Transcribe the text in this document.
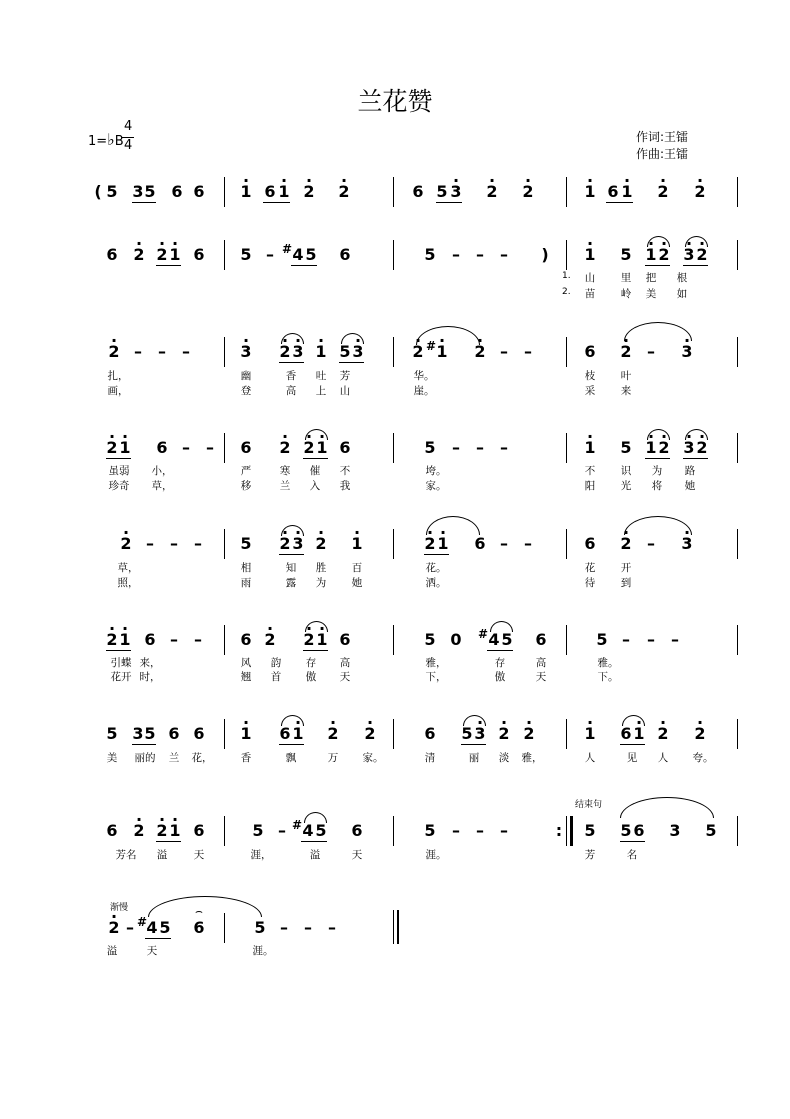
兰花赞
1=♭B
4
4
作词:王镭
作曲:王镭
( 5 3 5 6 6 · 1 6 · 1 · 2 · 2	6 5 · 3 · 2 · 2	· 1 6 · 1 · 2 · 2
6 · 2 · 2 · 1 6 5 – # 4 5 6	5 – – – ) · 1 5 · 1 · 2 · 3 · 2
1.
2.
山 里 把 根
苗 岭 美 如
· 2 – – –	· 3 · 2 · 3 · 1 5 · 3	· 2 # · 1 · 2 – –	6 · 2 – · 3
扎，	幽	香 吐 芳	华。	枝 叶
画，	登	高 上 山	崖。	采 来
· 2 · 1 6 – – 6 · 2 · 2 · 1 6	5 – – –	· 1 5 · 1 · 2 · 3 · 2
虽弱 小，	严	寒 催 不	垮。	不 识 为 路
珍奇 草，	移	兰 入 我	家。	阳 光 将 她
· 2 – – – 5 · 2 · 3 · 2 · 1	· 2 · 1 6 – –	6 · 2 – · 3
草，	相	知 胜 百	花。	花 开
照，	雨	露 为 她	洒。	待 到
· 2 · 1 6 – – 6 · 2 · 2 · 1 6	5 0 # 4 5 6	5 – – –
引蝶 来，	风 韵 存 高	雅，	存	高	雅。
花开 时，	翘 首 傲 天	下，	傲	天	下。
5 3 5 6 6 · 1 6 · 1 · 2 · 2	6 5 · 3 · 2 · 2	· 1 6 · 1 · 2 · 2
美 丽的 兰 花，	香	飘	万 家。	清	丽 淡 雅，	人	见 人 夸。
结束句
6 · 2 · 2 · 1 6	5 – # 4 5 6	5 – – –	: 5 5 6 3 5
芳名 溢	天	涯，	溢	天	涯。	芳	名
渐慢
· 2 – # 4 5
⌢
6	5 – – –
溢	天	涯。
